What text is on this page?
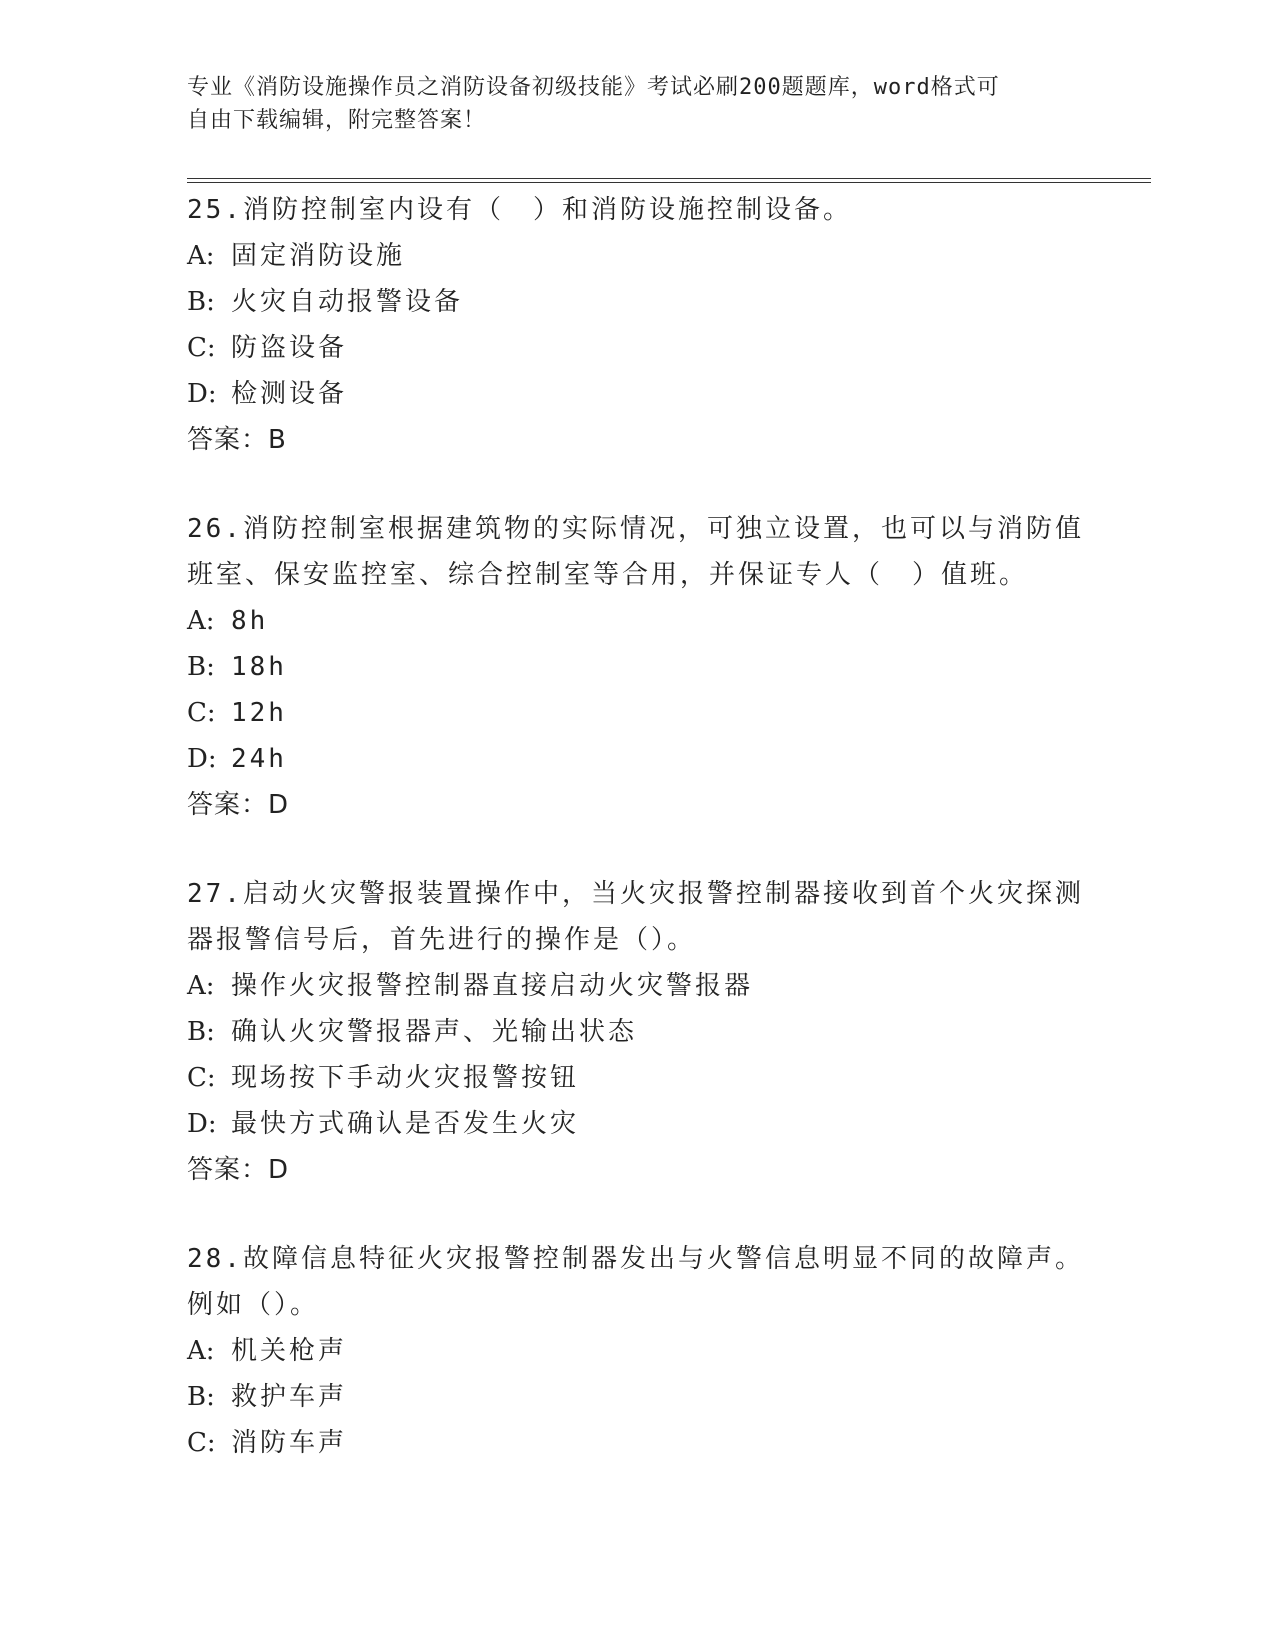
专业《消防设施操作员之消防设备初级技能》考试必刷200题题库，word格式可
自由下载编辑，附完整答案！
25.消防控制室内设有（　）和消防设施控制设备。
A: 固定消防设施
B: 火灾自动报警设备
C: 防盗设备
D: 检测设备
答案：B
26.消防控制室根据建筑物的实际情况，可独立设置，也可以与消防值
班室、保安监控室、综合控制室等合用，并保证专人（　）值班。
A: 8h
B: 18h
C: 12h
D: 24h
答案：D
27.启动火灾警报装置操作中，当火灾报警控制器接收到首个火灾探测
器报警信号后，首先进行的操作是（）。
A: 操作火灾报警控制器直接启动火灾警报器
B: 确认火灾警报器声、光输出状态
C: 现场按下手动火灾报警按钮
D: 最快方式确认是否发生火灾
答案：D
28.故障信息特征火灾报警控制器发出与火警信息明显不同的故障声。
例如（）。
A: 机关枪声
B: 救护车声
C: 消防车声
